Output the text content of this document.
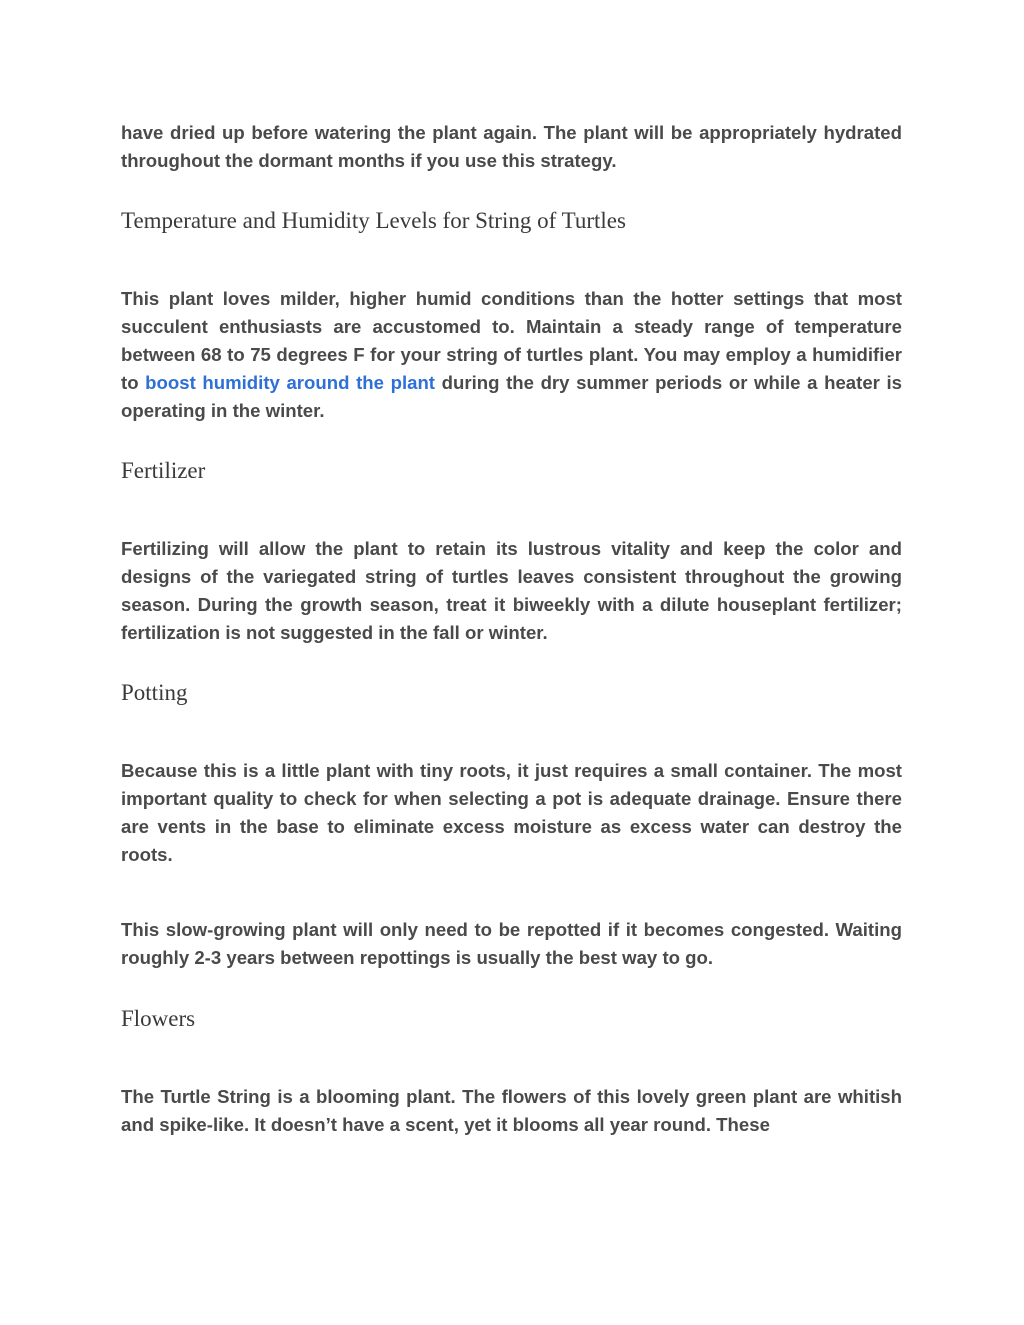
have dried up before watering the plant again. The plant will be appropriately hydrated throughout the dormant months if you use this strategy.

Temperature and Humidity Levels for String of Turtles

This plant loves milder, higher humid conditions than the hotter settings that most succulent enthusiasts are accustomed to. Maintain a steady range of temperature between 68 to 75 degrees F for your string of turtles plant. You may employ a humidifier to boost humidity around the plant during the dry summer periods or while a heater is operating in the winter.

Fertilizer

Fertilizing will allow the plant to retain its lustrous vitality and keep the color and designs of the variegated string of turtles leaves consistent throughout the growing season. During the growth season, treat it biweekly with a dilute houseplant fertilizer; fertilization is not suggested in the fall or winter.

Potting

Because this is a little plant with tiny roots, it just requires a small container. The most important quality to check for when selecting a pot is adequate drainage. Ensure there are vents in the base to eliminate excess moisture as excess water can destroy the roots.

This slow-growing plant will only need to be repotted if it becomes congested. Waiting roughly 2-3 years between repottings is usually the best way to go.

Flowers

The Turtle String is a blooming plant. The flowers of this lovely green plant are whitish and spike-like. It doesn’t have a scent, yet it blooms all year round. These
